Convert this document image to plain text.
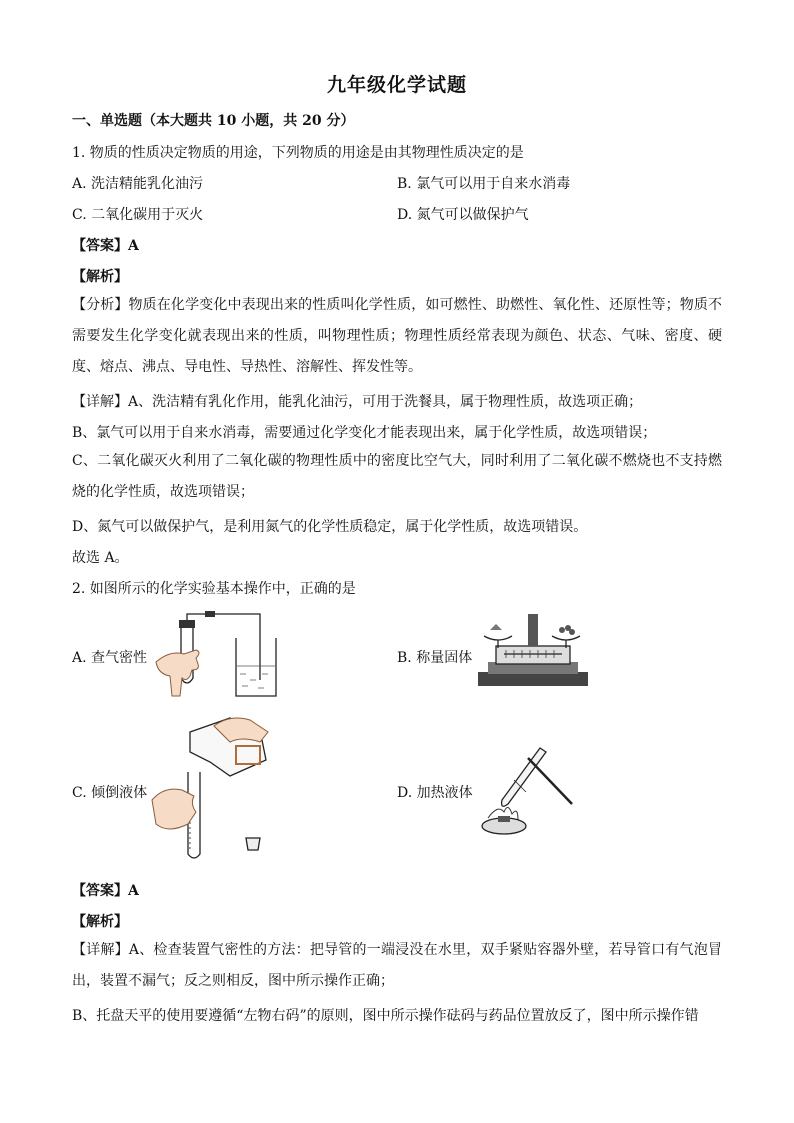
九年级化学试题
一、单选题（本大题共 10 小题，共 20 分）
1. 物质的性质决定物质的用途，下列物质的用途是由其物理性质决定的是
A. 洗洁精能乳化油污	B. 氯气可以用于自来水消毒
C. 二氧化碳用于灭火	D. 氮气可以做保护气
【答案】A
【解析】
【分析】物质在化学变化中表现出来的性质叫化学性质，如可燃性、助燃性、氧化性、还原性等；物质不需要发生化学变化就表现出来的性质，叫物理性质；物理性质经常表现为颜色、状态、气味、密度、硬度、熔点、沸点、导电性、导热性、溶解性、挥发性等。
【详解】A、洗洁精有乳化作用，能乳化油污，可用于洗餐具，属于物理性质，故选项正确；
B、氯气可以用于自来水消毒，需要通过化学变化才能表现出来，属于化学性质，故选项错误；
C、二氧化碳灭火利用了二氧化碳的物理性质中的密度比空气大，同时利用了二氧化碳不燃烧也不支持燃烧的化学性质，故选项错误；
D、氮气可以做保护气，是利用氮气的化学性质稳定，属于化学性质，故选项错误。
故选 A。
2. 如图所示的化学实验基本操作中，正确的是
A. 查气密性	B. 称量固体
C. 倾倒液体	D. 加热液体
【答案】A
【解析】
【详解】A、检查装置气密性的方法：把导管的一端浸没在水里，双手紧贴容器外壁，若导管口有气泡冒出，装置不漏气；反之则相反，图中所示操作正确；
B、托盘天平的使用要遵循“左物右码”的原则，图中所示操作砝码与药品位置放反了，图中所示操作错
